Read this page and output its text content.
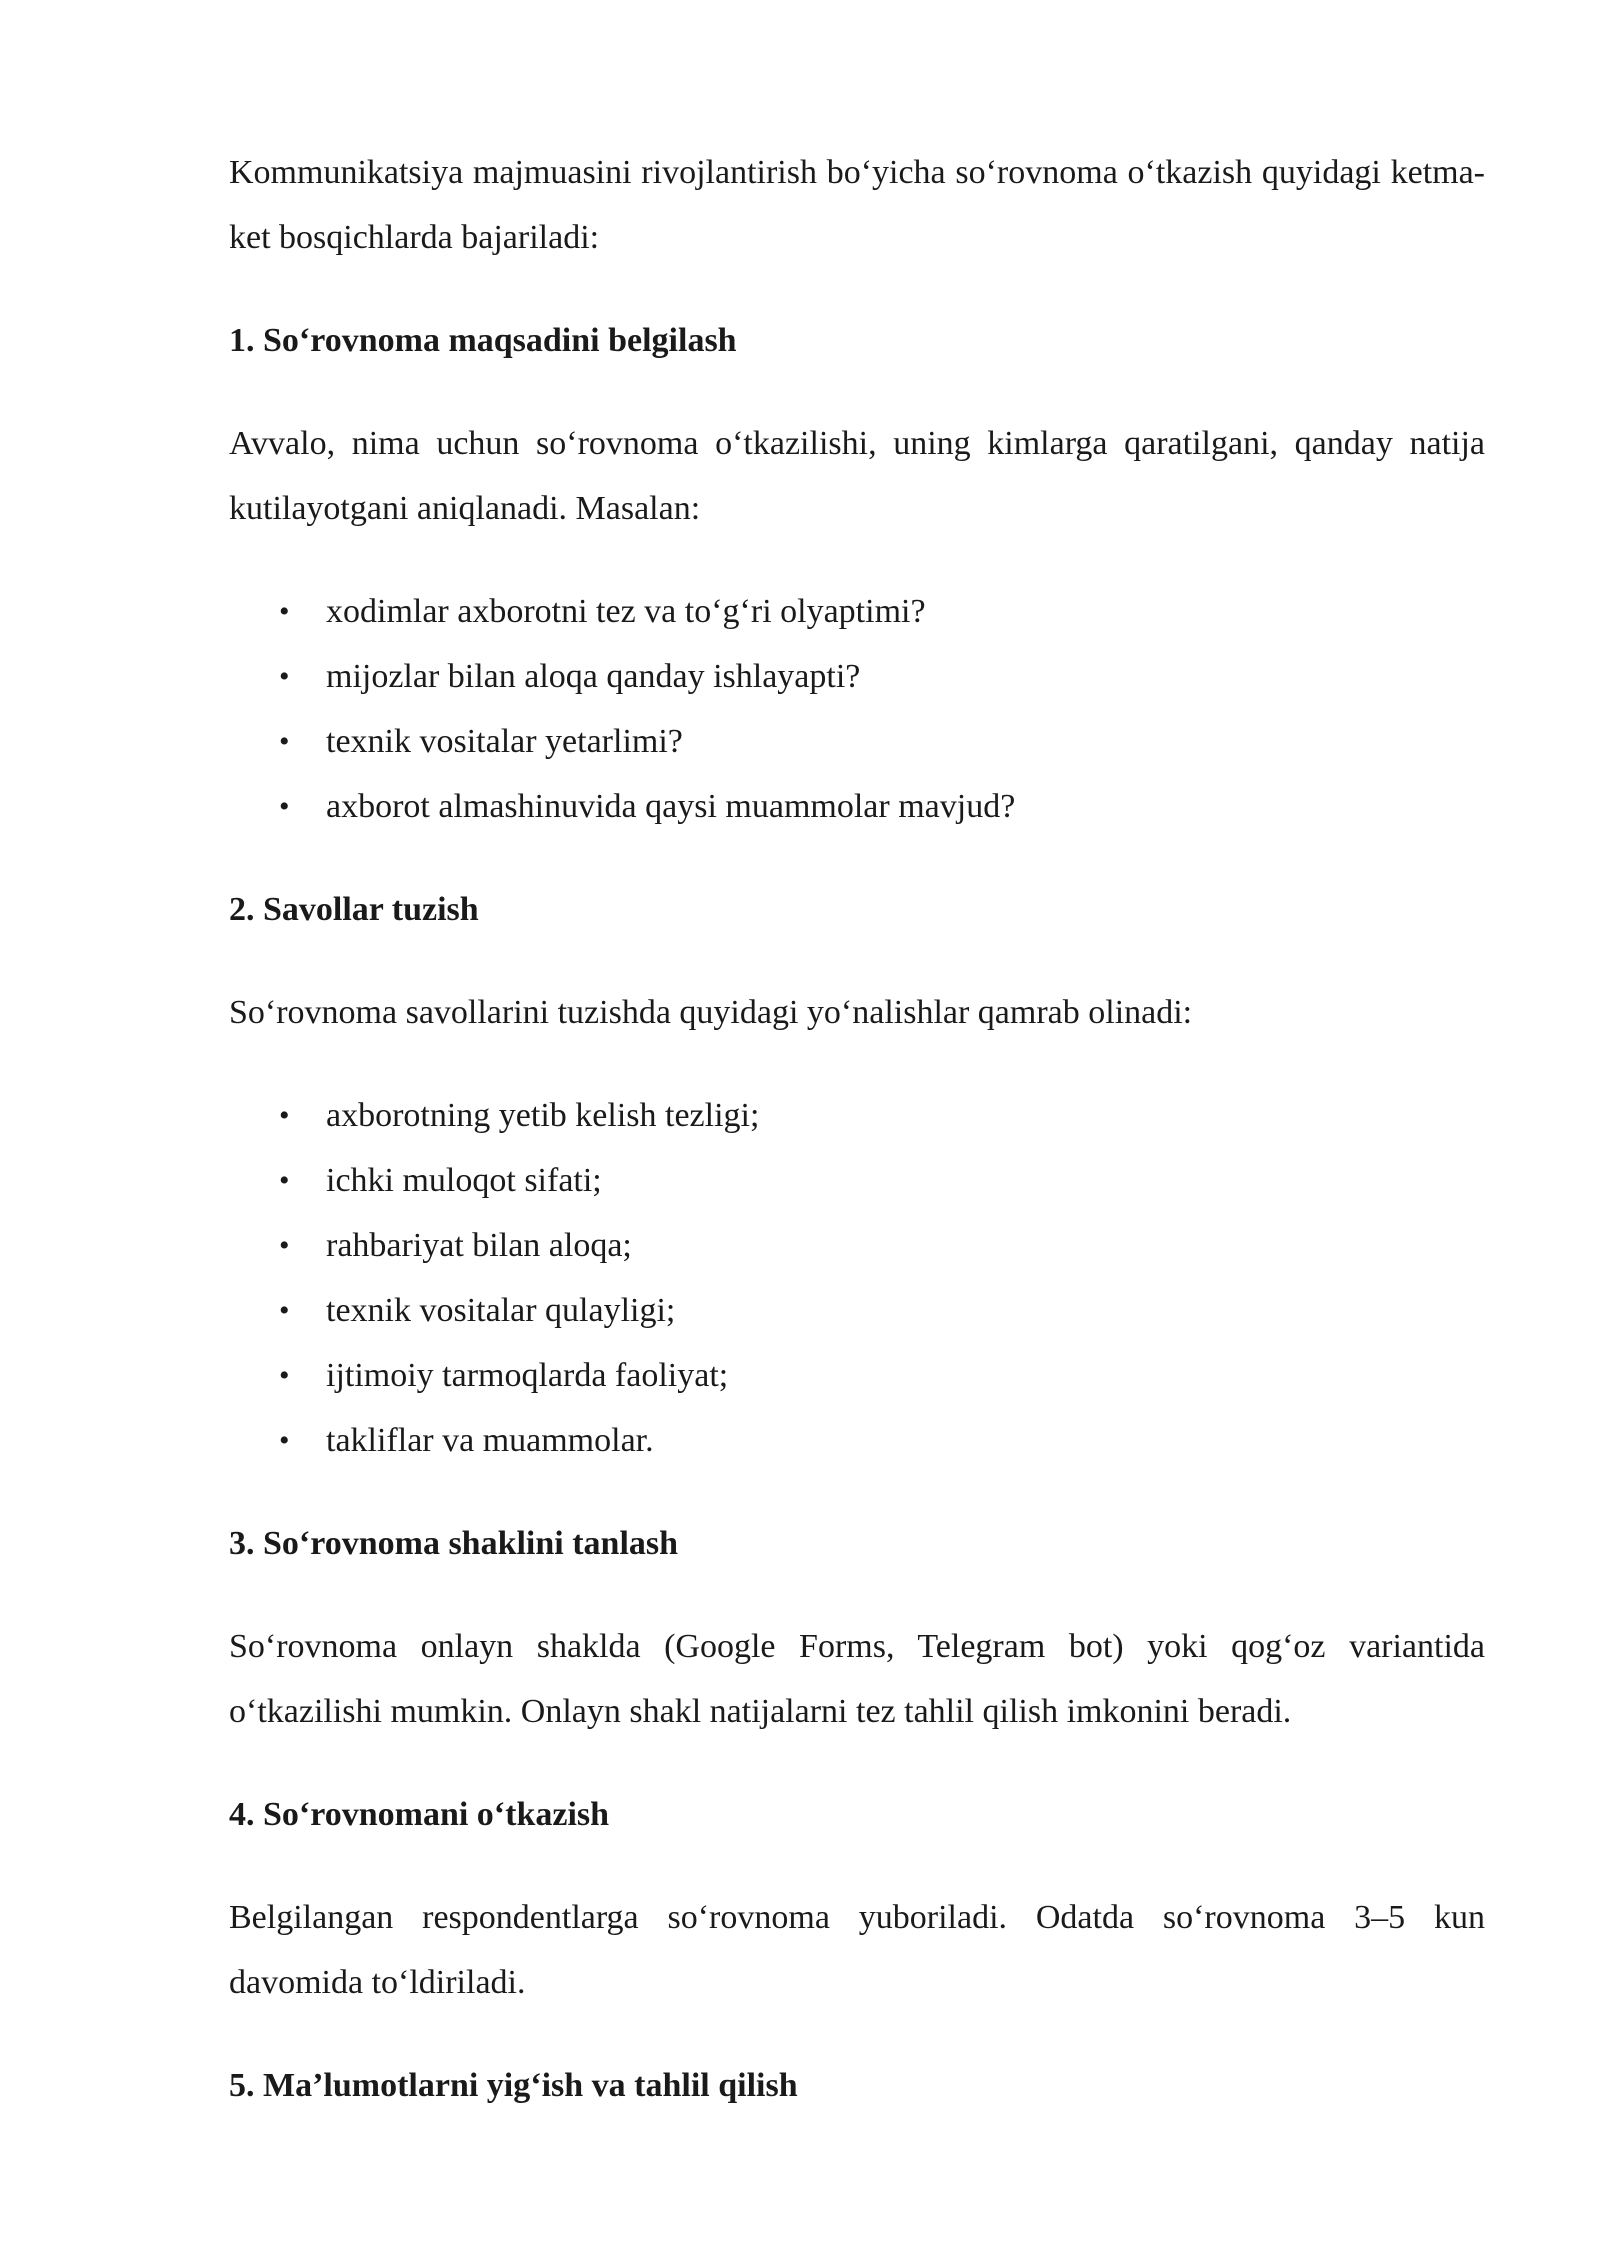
Kommunikatsiya majmuasini rivojlantirish bo‘yicha so‘rovnoma o‘tkazish quyidagi ketma-ket bosqichlarda bajariladi:

1. So‘rovnoma maqsadini belgilash

Avvalo, nima uchun so‘rovnoma o‘tkazilishi, uning kimlarga qaratilgani, qanday natija kutilayotgani aniqlanadi. Masalan:

• xodimlar axborotni tez va to‘g‘ri olyaptimi?
• mijozlar bilan aloqa qanday ishlayapti?
• texnik vositalar yetarlimi?
• axborot almashinuvida qaysi muammolar mavjud?
2. Savollar tuzish

So‘rovnoma savollarini tuzishda quyidagi yo‘nalishlar qamrab olinadi:

• axborotning yetib kelish tezligi;
• ichki muloqot sifati;
• rahbariyat bilan aloqa;
• texnik vositalar qulayligi;
• ijtimoiy tarmoqlarda faoliyat;
• takliflar va muammolar.
3. So‘rovnoma shaklini tanlash

So‘rovnoma onlayn shaklda (Google Forms, Telegram bot) yoki qog‘oz variantida o‘tkazilishi mumkin. Onlayn shakl natijalarni tez tahlil qilish imkonini beradi.

4. So‘rovnomani o‘tkazish

Belgilangan respondentlarga so‘rovnoma yuboriladi. Odatda so‘rovnoma 3–5 kun davomida to‘ldiriladi.

5. Ma’lumotlarni yig‘ish va tahlil qilish
